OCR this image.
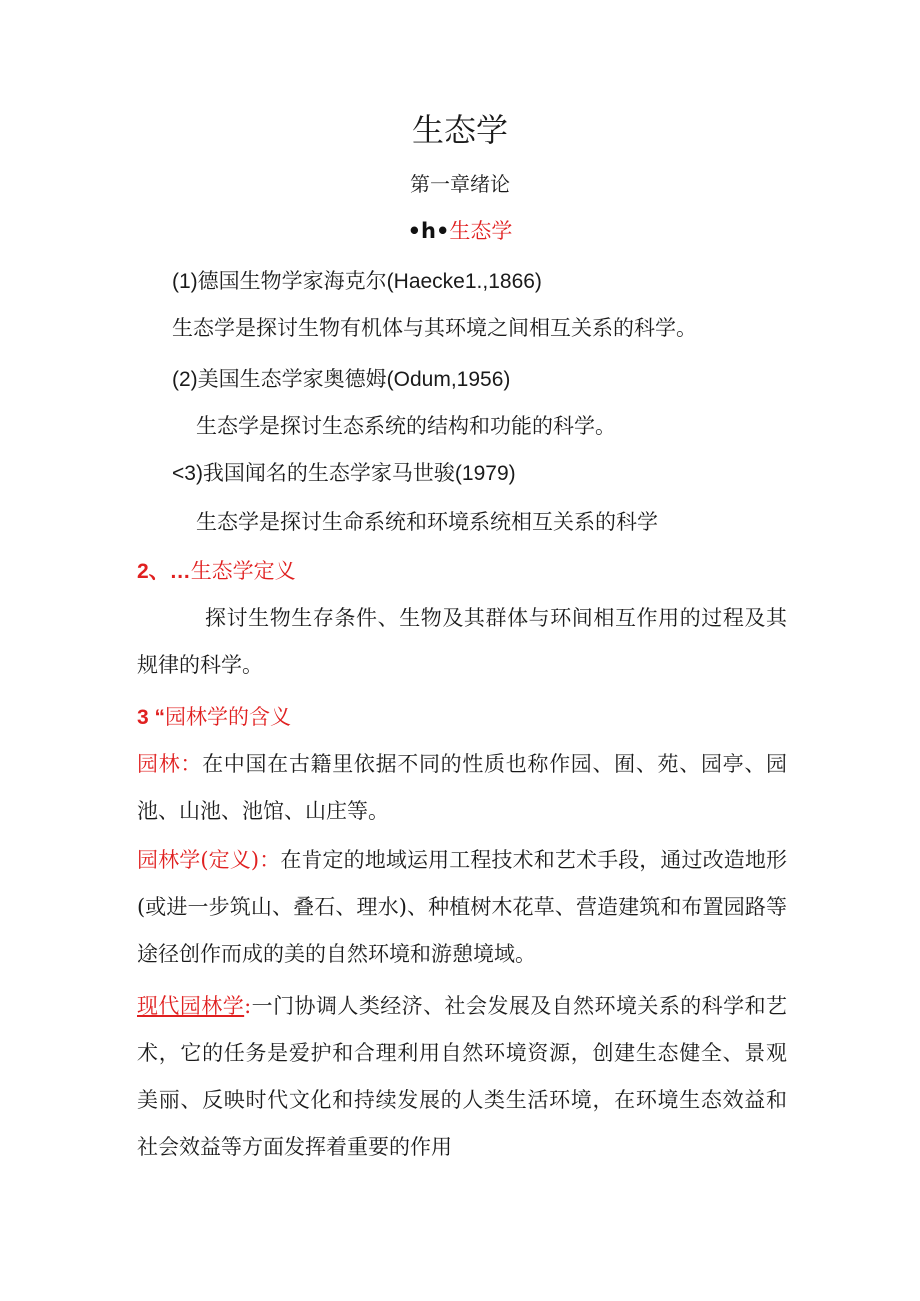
生态学
第一章绪论
•h•生态学
(1)德国生物学家海克尔(Haecke1.,1866)
生态学是探讨生物有机体与其环境之间相互关系的科学。
(2)美国生态学家奥德姆(Odum,1956)
生态学是探讨生态系统的结构和功能的科学。
<3)我国闻名的生态学家马世骏(1979)
生态学是探讨生命系统和环境系统相互关系的科学
2、…生态学定义
探讨生物生存条件、生物及其群体与环间相互作用的过程及其规律的科学。
3 “园林学的含义
园林：在中国在古籍里依据不同的性质也称作园、囿、苑、园亭、园池、山池、池馆、山庄等。
园林学(定义)：在肯定的地域运用工程技术和艺术手段，通过改造地形(或进一步筑山、叠石、理水)、种植树木花草、营造建筑和布置园路等途径创作而成的美的自然环境和游憩境域。
现代园林学:一门协调人类经济、社会发展及自然环境关系的科学和艺术，它的任务是爱护和合理利用自然环境资源，创建生态健全、景观美丽、反映时代文化和持续发展的人类生活环境，在环境生态效益和社会效益等方面发挥着重要的作用
